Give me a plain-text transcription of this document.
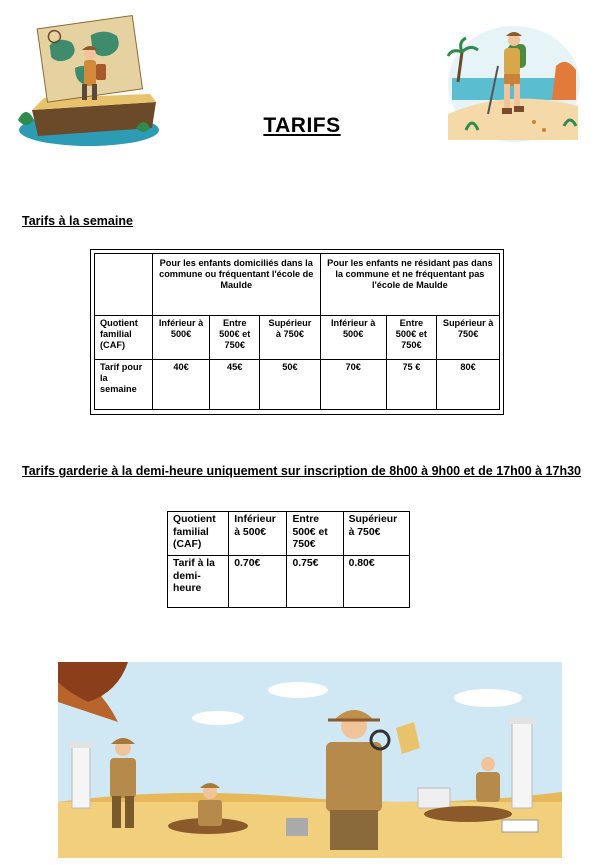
TARIFS
Tarifs à la semaine
	Pour les enfants domiciliés dans la commune ou fréquentant l'école de Maulde			Pour les enfants ne résidant pas dans la commune et ne fréquentant pas l'école de Maulde		
Quotient familial (CAF)	Inférieur à 500€	Entre 500€ et 750€	Supérieur à 750€	Inférieur à 500€	Entre 500€ et 750€	Supérieur à 750€
Tarif pour la semaine	40€	45€	50€	70€	75 €	80€
Tarifs garderie à la demi-heure uniquement sur inscription de 8h00 à 9h00 et de 17h00 à 17h30
Quotient familial (CAF)	Inférieur à 500€	Entre 500€ et 750€	Supérieur à 750€
Tarif à la demi-heure	0.70€	0.75€	0.80€
